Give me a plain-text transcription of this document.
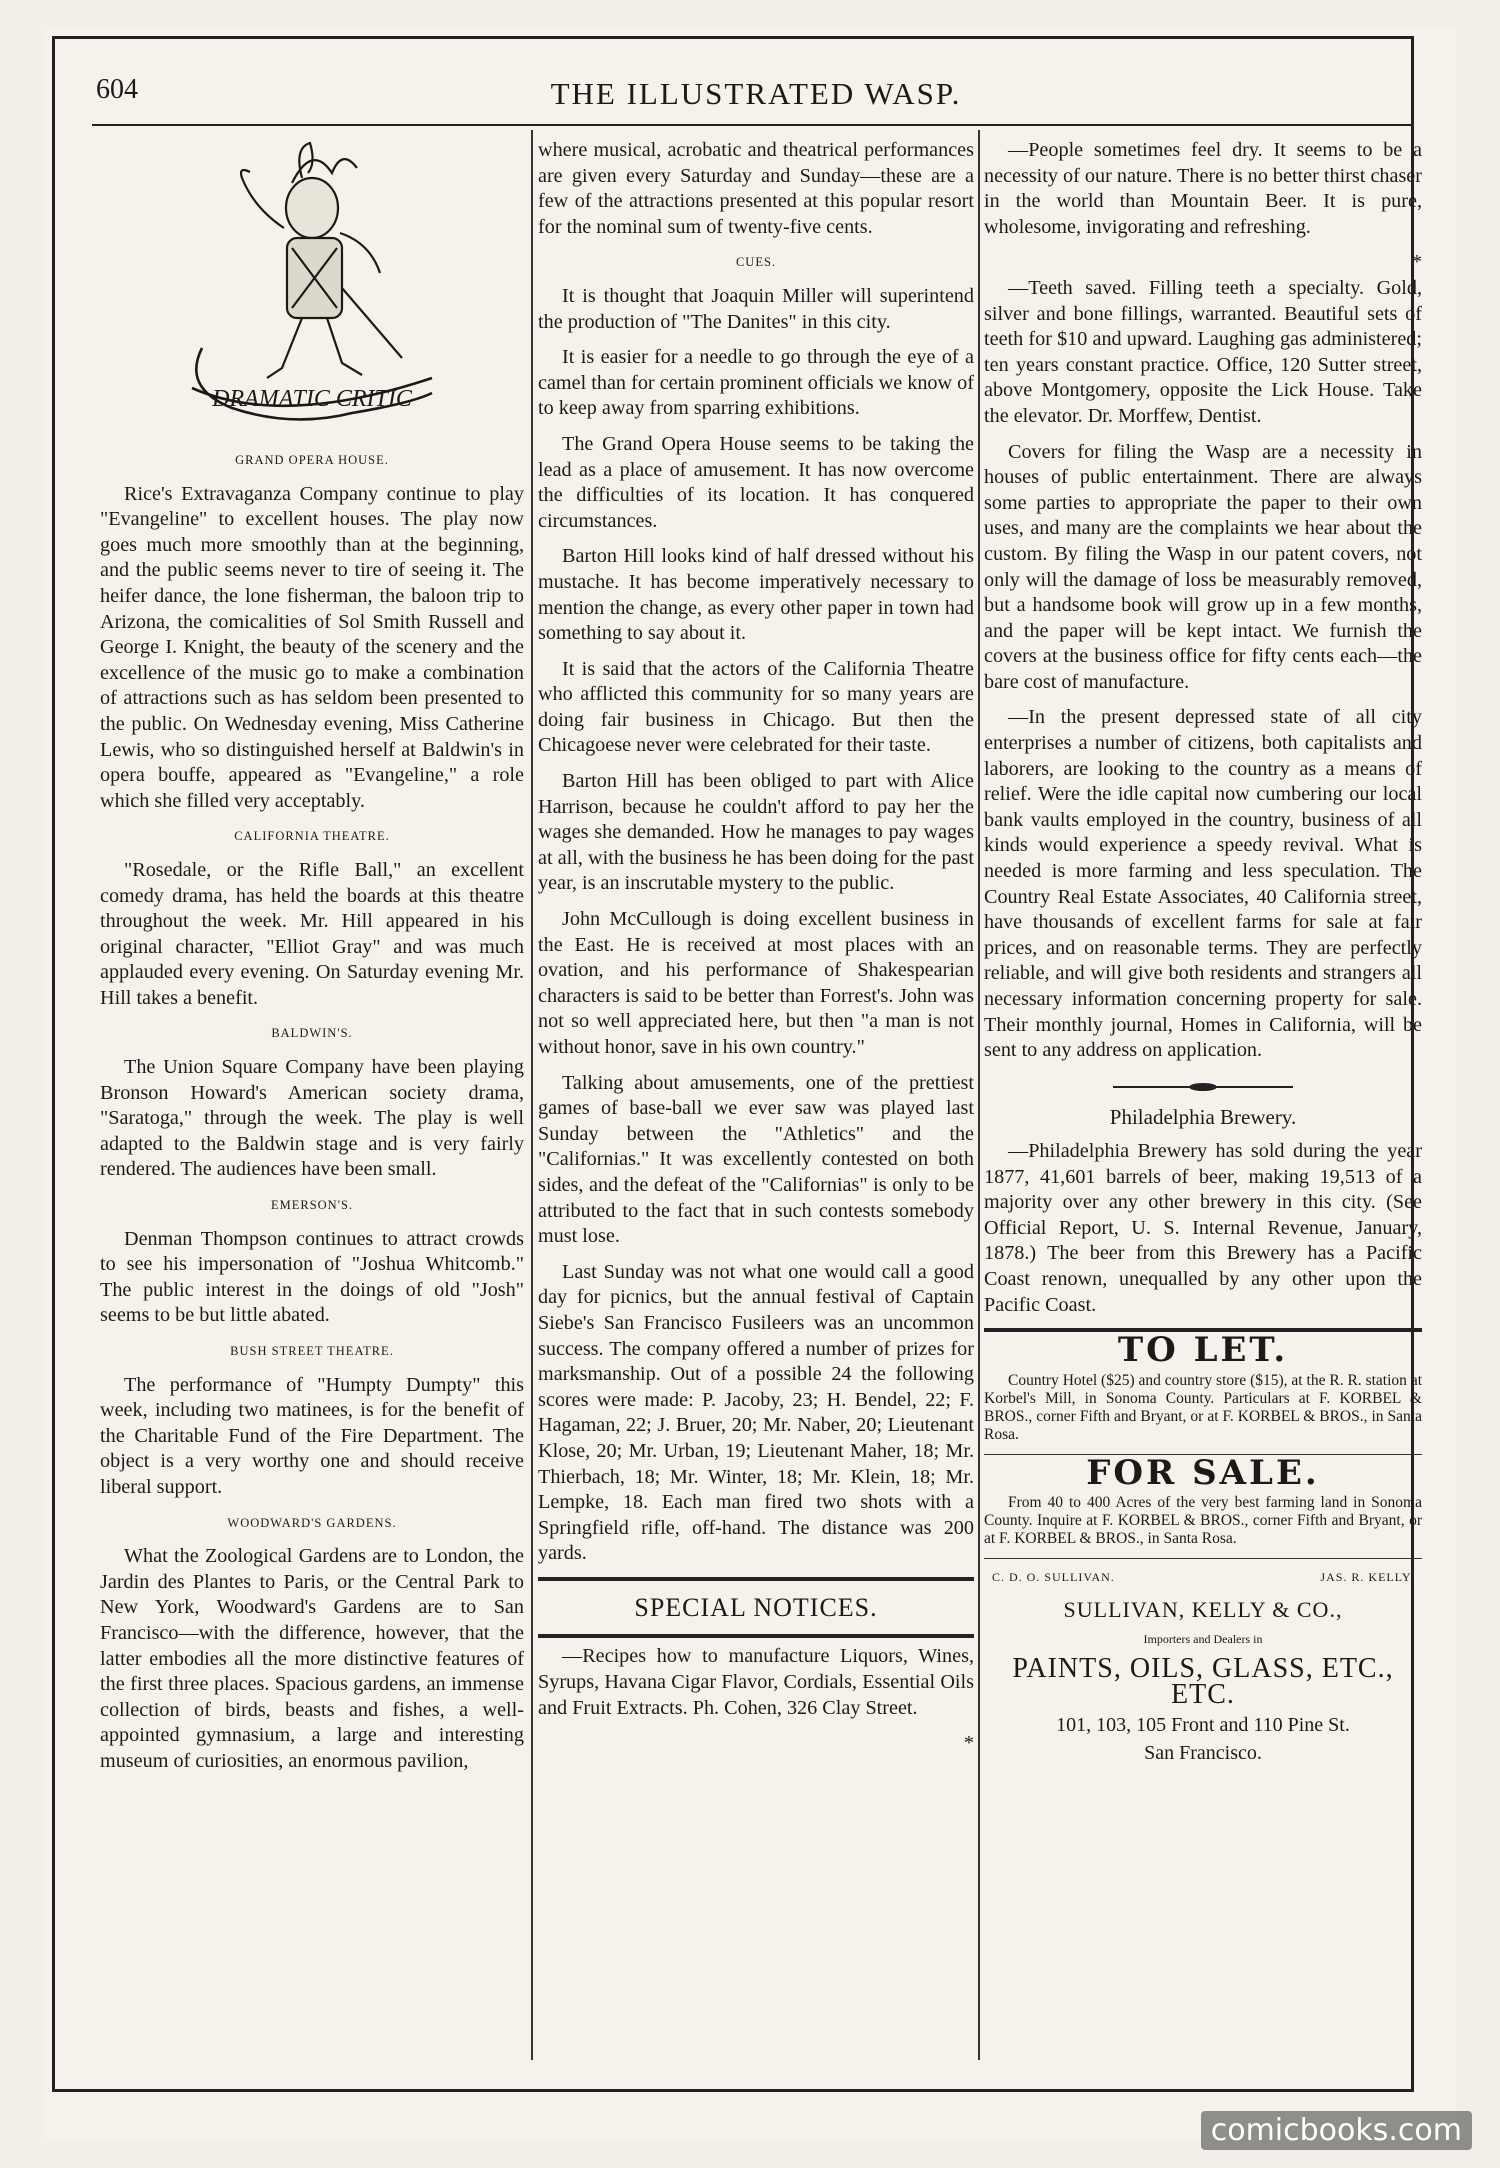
604	THE ILLUSTRATED WASP.
DRAMATIC CRITIC
GRAND OPERA HOUSE.

Rice's Extravaganza Company continue to play "Evangeline" to excellent houses. The play now goes much more smoothly than at the beginning, and the public seems never to tire of seeing it. The heifer dance, the lone fisherman, the baloon trip to Arizona, the comicalities of Sol Smith Russell and George I. Knight, the beauty of the scenery and the excellence of the music go to make a combination of attractions such as has seldom been presented to the public. On Wednesday evening, Miss Catherine Lewis, who so distinguished herself at Baldwin's in opera bouffe, appeared as "Evangeline," a role which she filled very acceptably.

CALIFORNIA THEATRE.

"Rosedale, or the Rifle Ball," an excellent comedy drama, has held the boards at this theatre throughout the week. Mr. Hill appeared in his original character, "Elliot Gray" and was much applauded every evening. On Saturday evening Mr. Hill takes a benefit.

BALDWIN'S.

The Union Square Company have been playing Bronson Howard's American society drama, "Saratoga," through the week. The play is well adapted to the Baldwin stage and is very fairly rendered. The audiences have been small.

EMERSON'S.

Denman Thompson continues to attract crowds to see his impersonation of "Joshua Whitcomb." The public interest in the doings of old "Josh" seems to be but little abated.

BUSH STREET THEATRE.

The performance of "Humpty Dumpty" this week, including two matinees, is for the benefit of the Charitable Fund of the Fire Department. The object is a very worthy one and should receive liberal support.

WOODWARD'S GARDENS.

What the Zoological Gardens are to London, the Jardin des Plantes to Paris, or the Central Park to New York, Woodward's Gardens are to San Francisco—with the difference, however, that the latter embodies all the more distinctive features of the first three places. Spacious gardens, an immense collection of birds, beasts and fishes, a well-appointed gymnasium, a large and interesting museum of curiosities, an enormous pavilion,

where musical, acrobatic and theatrical performances are given every Saturday and Sunday—these are a few of the attractions presented at this popular resort for the nominal sum of twenty-five cents.

CUES.

It is thought that Joaquin Miller will superintend the production of "The Danites" in this city.

It is easier for a needle to go through the eye of a camel than for certain prominent officials we know of to keep away from sparring exhibitions.

The Grand Opera House seems to be taking the lead as a place of amusement. It has now overcome the difficulties of its location. It has conquered circumstances.

Barton Hill looks kind of half dressed without his mustache. It has become imperatively necessary to mention the change, as every other paper in town had something to say about it.

It is said that the actors of the California Theatre who afflicted this community for so many years are doing fair business in Chicago. But then the Chicagoese never were celebrated for their taste.

Barton Hill has been obliged to part with Alice Harrison, because he couldn't afford to pay her the wages she demanded. How he manages to pay wages at all, with the business he has been doing for the past year, is an inscrutable mystery to the public.

John McCullough is doing excellent business in the East. He is received at most places with an ovation, and his performance of Shakespearian characters is said to be better than Forrest's. John was not so well appreciated here, but then "a man is not without honor, save in his own country."

Talking about amusements, one of the prettiest games of base-ball we ever saw was played last Sunday between the "Athletics" and the "Californias." It was excellently contested on both sides, and the defeat of the "Californias" is only to be attributed to the fact that in such contests somebody must lose.

Last Sunday was not what one would call a good day for picnics, but the annual festival of Captain Siebe's San Francisco Fusileers was an uncommon success. The company offered a number of prizes for marksmanship. Out of a possible 24 the following scores were made: P. Jacoby, 23; H. Bendel, 22; F. Hagaman, 22; J. Bruer, 20; Mr. Naber, 20; Lieutenant Klose, 20; Mr. Urban, 19; Lieutenant Maher, 18; Mr. Thierbach, 18; Mr. Winter, 18; Mr. Klein, 18; Mr. Lempke, 18. Each man fired two shots with a Springfield rifle, off-hand. The distance was 200 yards.

SPECIAL NOTICES.

—Recipes how to manufacture Liquors, Wines, Syrups, Havana Cigar Flavor, Cordials, Essential Oils and Fruit Extracts. Ph. Cohen, 326 Clay Street.

*

—People sometimes feel dry. It seems to be a necessity of our nature. There is no better thirst chaser in the world than Mountain Beer. It is pure, wholesome, invigorating and refreshing.

*

—Teeth saved. Filling teeth a specialty. Gold, silver and bone fillings, warranted. Beautiful sets of teeth for $10 and upward. Laughing gas administered; ten years constant practice. Office, 120 Sutter street, above Montgomery, opposite the Lick House. Take the elevator. Dr. Morffew, Dentist.

Covers for filing the Wasp are a necessity in houses of public entertainment. There are always some parties to appropriate the paper to their own uses, and many are the complaints we hear about the custom. By filing the Wasp in our patent covers, not only will the damage of loss be measurably removed, but a handsome book will grow up in a few months, and the paper will be kept intact. We furnish the covers at the business office for fifty cents each—the bare cost of manufacture.

—In the present depressed state of all city enterprises a number of citizens, both capitalists and laborers, are looking to the country as a means of relief. Were the idle capital now cumbering our local bank vaults employed in the country, business of all kinds would experience a speedy revival. What is needed is more farming and less speculation. The Country Real Estate Associates, 40 California street, have thousands of excellent farms for sale at fair prices, and on reasonable terms. They are perfectly reliable, and will give both residents and strangers all necessary information concerning property for sale. Their monthly journal, Homes in California, will be sent to any address on application.

Philadelphia Brewery.

—Philadelphia Brewery has sold during the year 1877, 41,601 barrels of beer, making 19,513 of a majority over any other brewery in this city. (See Official Report, U. S. Internal Revenue, January, 1878.) The beer from this Brewery has a Pacific Coast renown, unequalled by any other upon the Pacific Coast.

TO LET.

Country Hotel ($25) and country store ($15), at the R. R. station at Korbel's Mill, in Sonoma County. Particulars at F. KORBEL & BROS., corner Fifth and Bryant, or at F. KORBEL & BROS., in Santa Rosa.

FOR SALE.

From 40 to 400 Acres of the very best farming land in Sonoma County. Inquire at F. KORBEL & BROS., corner Fifth and Bryant, or at F. KORBEL & BROS., in Santa Rosa.

C. D. O. SULLIVAN.	JAS. R. KELLY.
SULLIVAN, KELLY & CO.,
Importers and Dealers in
PAINTS, OILS, GLASS, ETC., ETC.
101, 103, 105 Front and 110 Pine St.
San Francisco.
comicbooks.com
